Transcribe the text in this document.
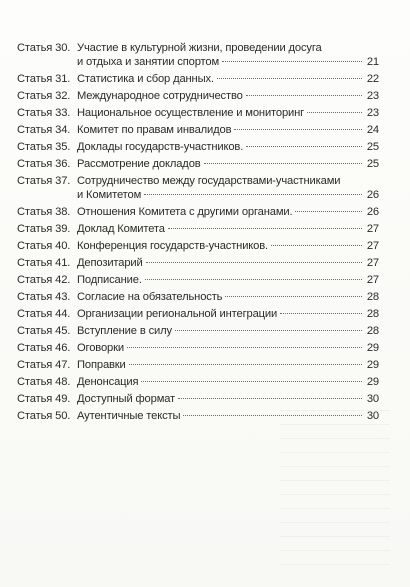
Статья 30. Участие в культурной жизни, проведении досуга
и отдыха и занятии спортом	21
Статья 31. Статистика и сбор данных.	22
Статья 32. Международное сотрудничество	23
Статья 33. Национальное осуществление и мониторинг	23
Статья 34. Комитет по правам инвалидов	24
Статья 35. Доклады государств-участников.	25
Статья 36. Рассмотрение докладов	25
Статья 37. Сотрудничество между государствами-участниками
и Комитетом	26
Статья 38. Отношения Комитета с другими органами.	26
Статья 39. Доклад Комитета	27
Статья 40. Конференция государств-участников.	27
Статья 41. Депозитарий	27
Статья 42. Подписание.	27
Статья 43. Согласие на обязательность	28
Статья 44. Организации региональной интеграции	28
Статья 45. Вступление в силу	28
Статья 46. Оговорки	29
Статья 47. Поправки	29
Статья 48. Денонсация	29
Статья 49. Доступный формат	30
Статья 50. Аутентичные тексты	30
